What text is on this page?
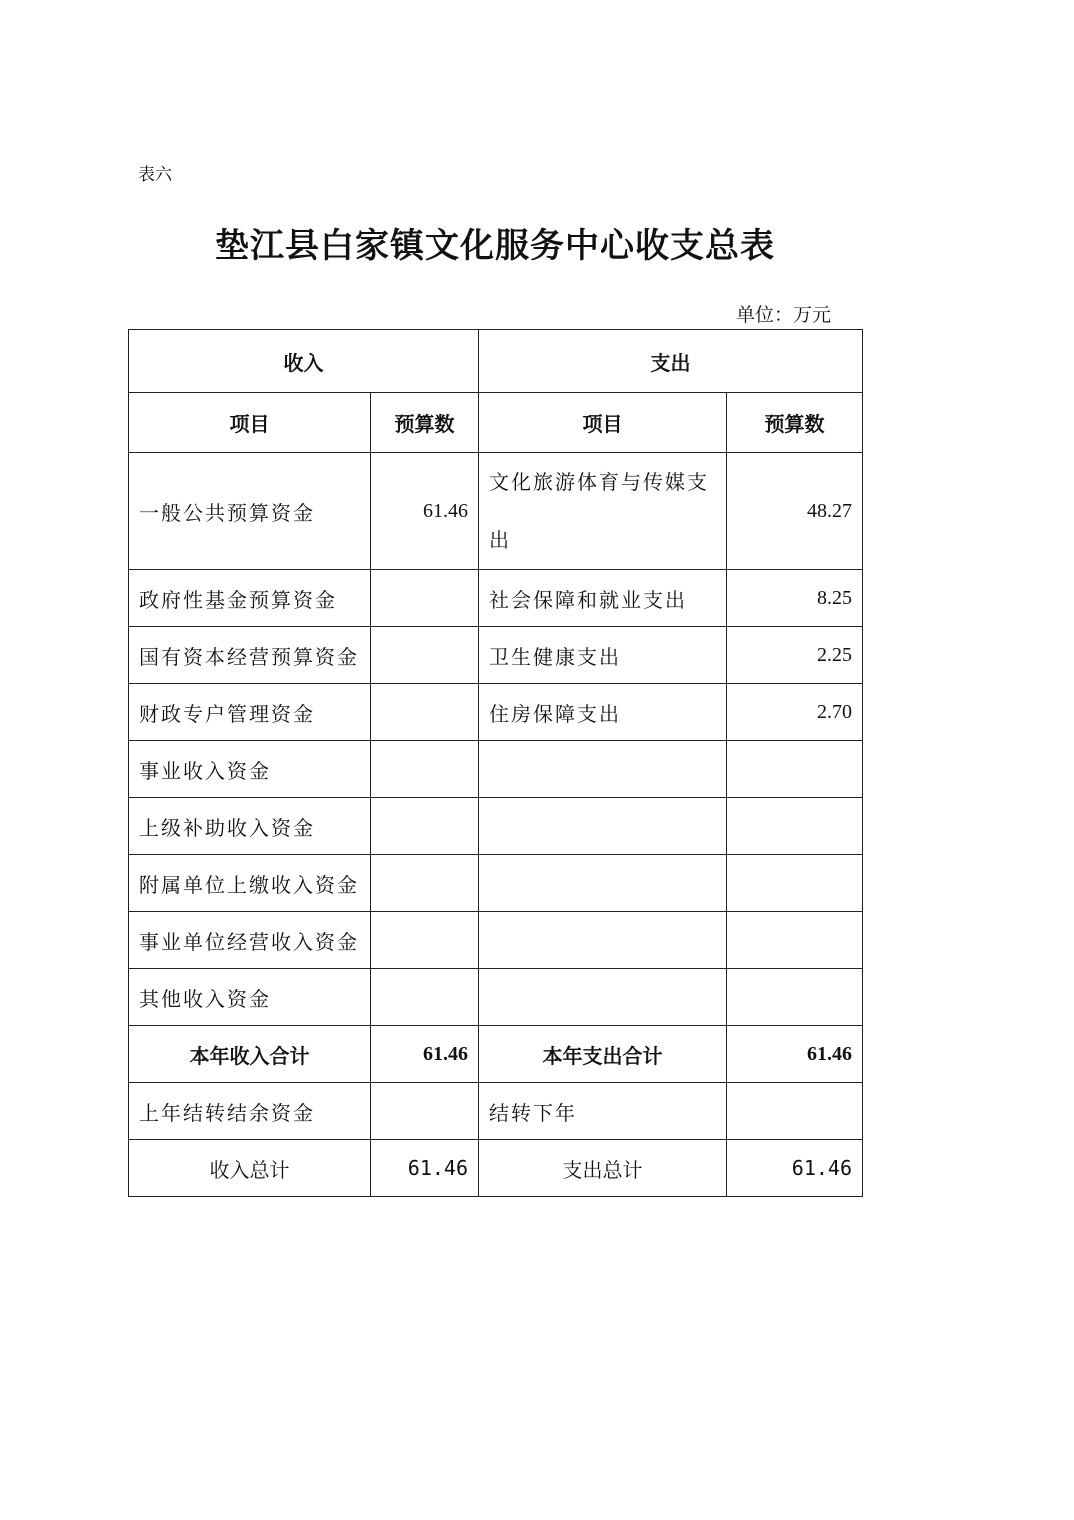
表六
垫江县白家镇文化服务中心收支总表
单位：万元
收入		支出	
项目	预算数	项目	预算数
一般公共预算资金	61.46	文化旅游体育与传媒支出	48.27
政府性基金预算资金		社会保障和就业支出	8.25
国有资本经营预算资金		卫生健康支出	2.25
财政专户管理资金		住房保障支出	2.70
事业收入资金			
上级补助收入资金			
附属单位上缴收入资金			
事业单位经营收入资金			
其他收入资金			
本年收入合计	61.46	本年支出合计	61.46
上年结转结余资金		结转下年	
收入总计	61.46	支出总计	61.46
